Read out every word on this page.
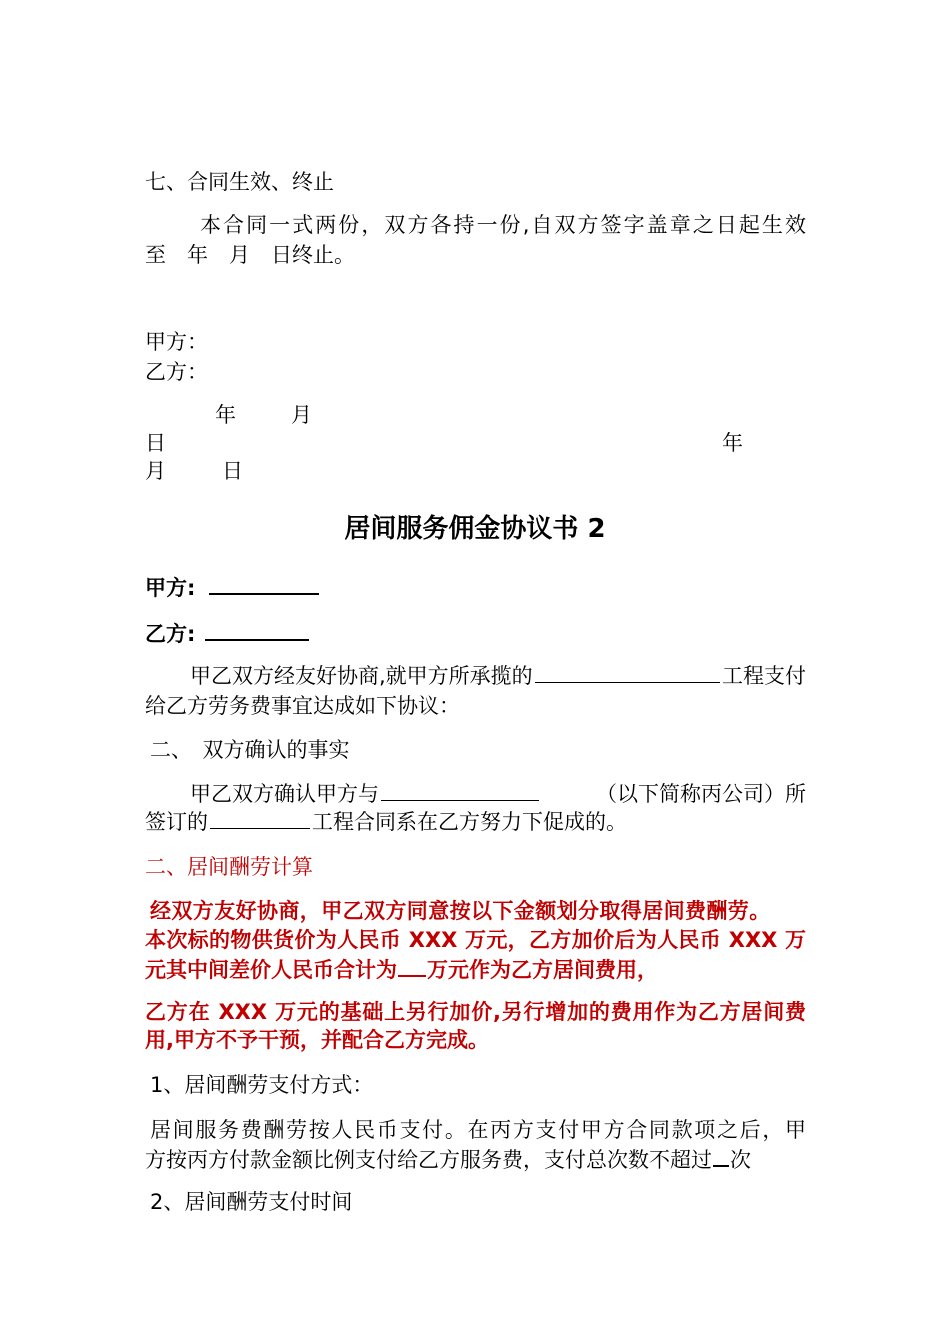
七、合同生效、终止
本合同一式两份，双方各持一份,自双方签字盖章之日起生效
至　年　月　日终止。
甲方：
乙方：
年	月
日	年
月	日
居间服务佣金协议书 2
甲方:
乙方:
甲乙双方经友好协商,就甲方所承揽的	工程支付
给乙方劳务费事宜达成如下协议：
二、　双方确认的事实
甲乙双方确认甲方与	（以下简称丙公司）所
签订的	工程合同系在乙方努力下促成的。
二、居间酬劳计算
经双方友好协商，甲乙双方同意按以下金额划分取得居间费酬劳。
本次标的物供货价为人民币 XXX 万元，乙方加价后为人民币 XXX 万
元其中间差价人民币合计为 万元作为乙方居间费用，
乙方在 XXX 万元的基础上另行加价,另行增加的费用作为乙方居间费
用,甲方不予干预，并配合乙方完成。
1、居间酬劳支付方式：
居间服务费酬劳按人民币支付。在丙方支付甲方合同款项之后，甲
方按丙方付款金额比例支付给乙方服务费，支付总次数不超过 次
2、居间酬劳支付时间
